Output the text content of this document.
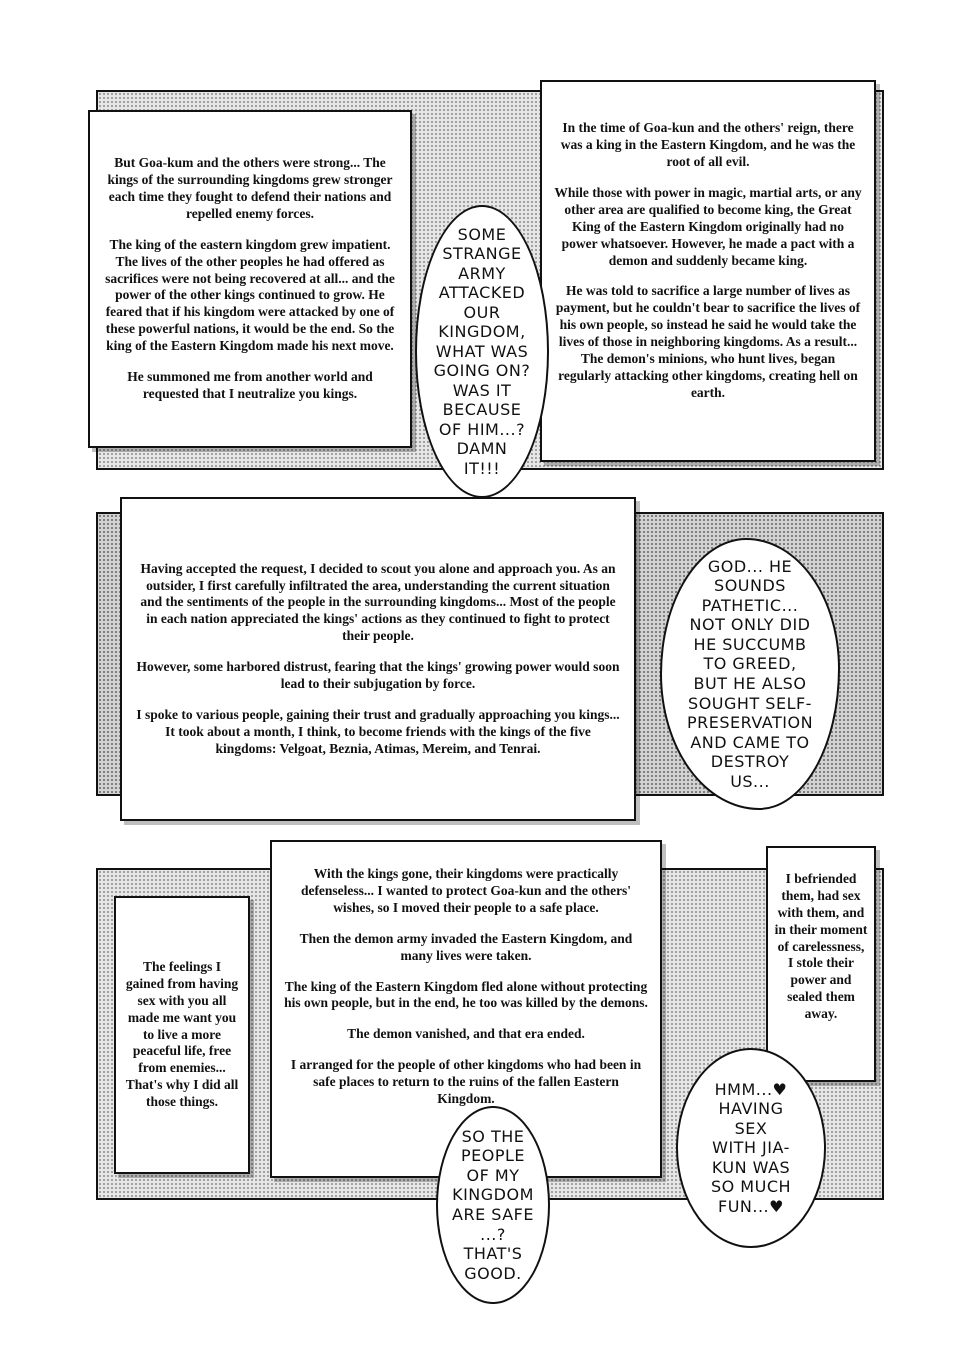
But Goa-kum and the others were strong... The kings of the surrounding kingdoms grew stronger each time they fought to defend their nations and repelled enemy forces.

The king of the eastern kingdom grew impatient. The lives of the other peoples he had offered as sacrifices were not being recovered at all... and the power of the other kings continued to grow. He feared that if his kingdom were attacked by one of these powerful nations, it would be the end. So the king of the Eastern Kingdom made his next move.

He summoned me from another world and requested that I neutralize you kings.

In the time of Goa-kun and the others' reign, there was a king in the Eastern Kingdom, and he was the root of all evil.

While those with power in magic, martial arts, or any other area are qualified to become king, the Great King of the Eastern Kingdom originally had no power whatsoever. However, he made a pact with a demon and suddenly became king.

He was told to sacrifice a large number of lives as payment, but he couldn't bear to sacrifice the lives of his own people, so instead he said he would take the lives of those in neighboring kingdoms. As a result... The demon's minions, who hunt lives, began regularly attacking other kingdoms, creating hell on earth.

SOME
STRANGE
ARMY
ATTACKED
OUR
KINGDOM,
WHAT WAS
GOING ON?
WAS IT
BECAUSE
OF HIM...?
DAMN
IT!!!

Having accepted the request, I decided to scout you alone and approach you. As an outsider, I first carefully infiltrated the area, understanding the current situation and the sentiments of the people in the surrounding kingdoms... Most of the people in each nation appreciated the kings' actions as they continued to fight to protect their people.

However, some harbored distrust, fearing that the kings' growing power would soon lead to their subjugation by force.

I spoke to various people, gaining their trust and gradually approaching you kings... It took about a month, I think, to become friends with the kings of the five kingdoms: Velgoat, Beznia, Atimas, Mereim, and Tenrai.

GOD... HE
SOUNDS
PATHETIC...
NOT ONLY DID
HE SUCCUMB
TO GREED,
BUT HE ALSO
SOUGHT SELF-
PRESERVATION
AND CAME TO
DESTROY
US...

The feelings I gained from having sex with you all made me want you to live a more peaceful life, free from enemies... That's why I did all those things.

With the kings gone, their kingdoms were practically defenseless... I wanted to protect Goa-kun and the others' wishes, so I moved their people to a safe place.

Then the demon army invaded the Eastern Kingdom, and many lives were taken.

The king of the Eastern Kingdom fled alone without protecting his own people, but in the end, he too was killed by the demons.

The demon vanished, and that era ended.

I arranged for the people of other kingdoms who had been in safe places to return to the ruins of the fallen Eastern Kingdom.

I befriended them, had sex with them, and in their moment of carelessness, I stole their power and sealed them away.

SO THE
PEOPLE
OF MY
KINGDOM
ARE SAFE
...?
THAT'S
GOOD.
HMM...♥
HAVING
SEX
WITH JIA-
KUN WAS
SO MUCH
FUN...♥
